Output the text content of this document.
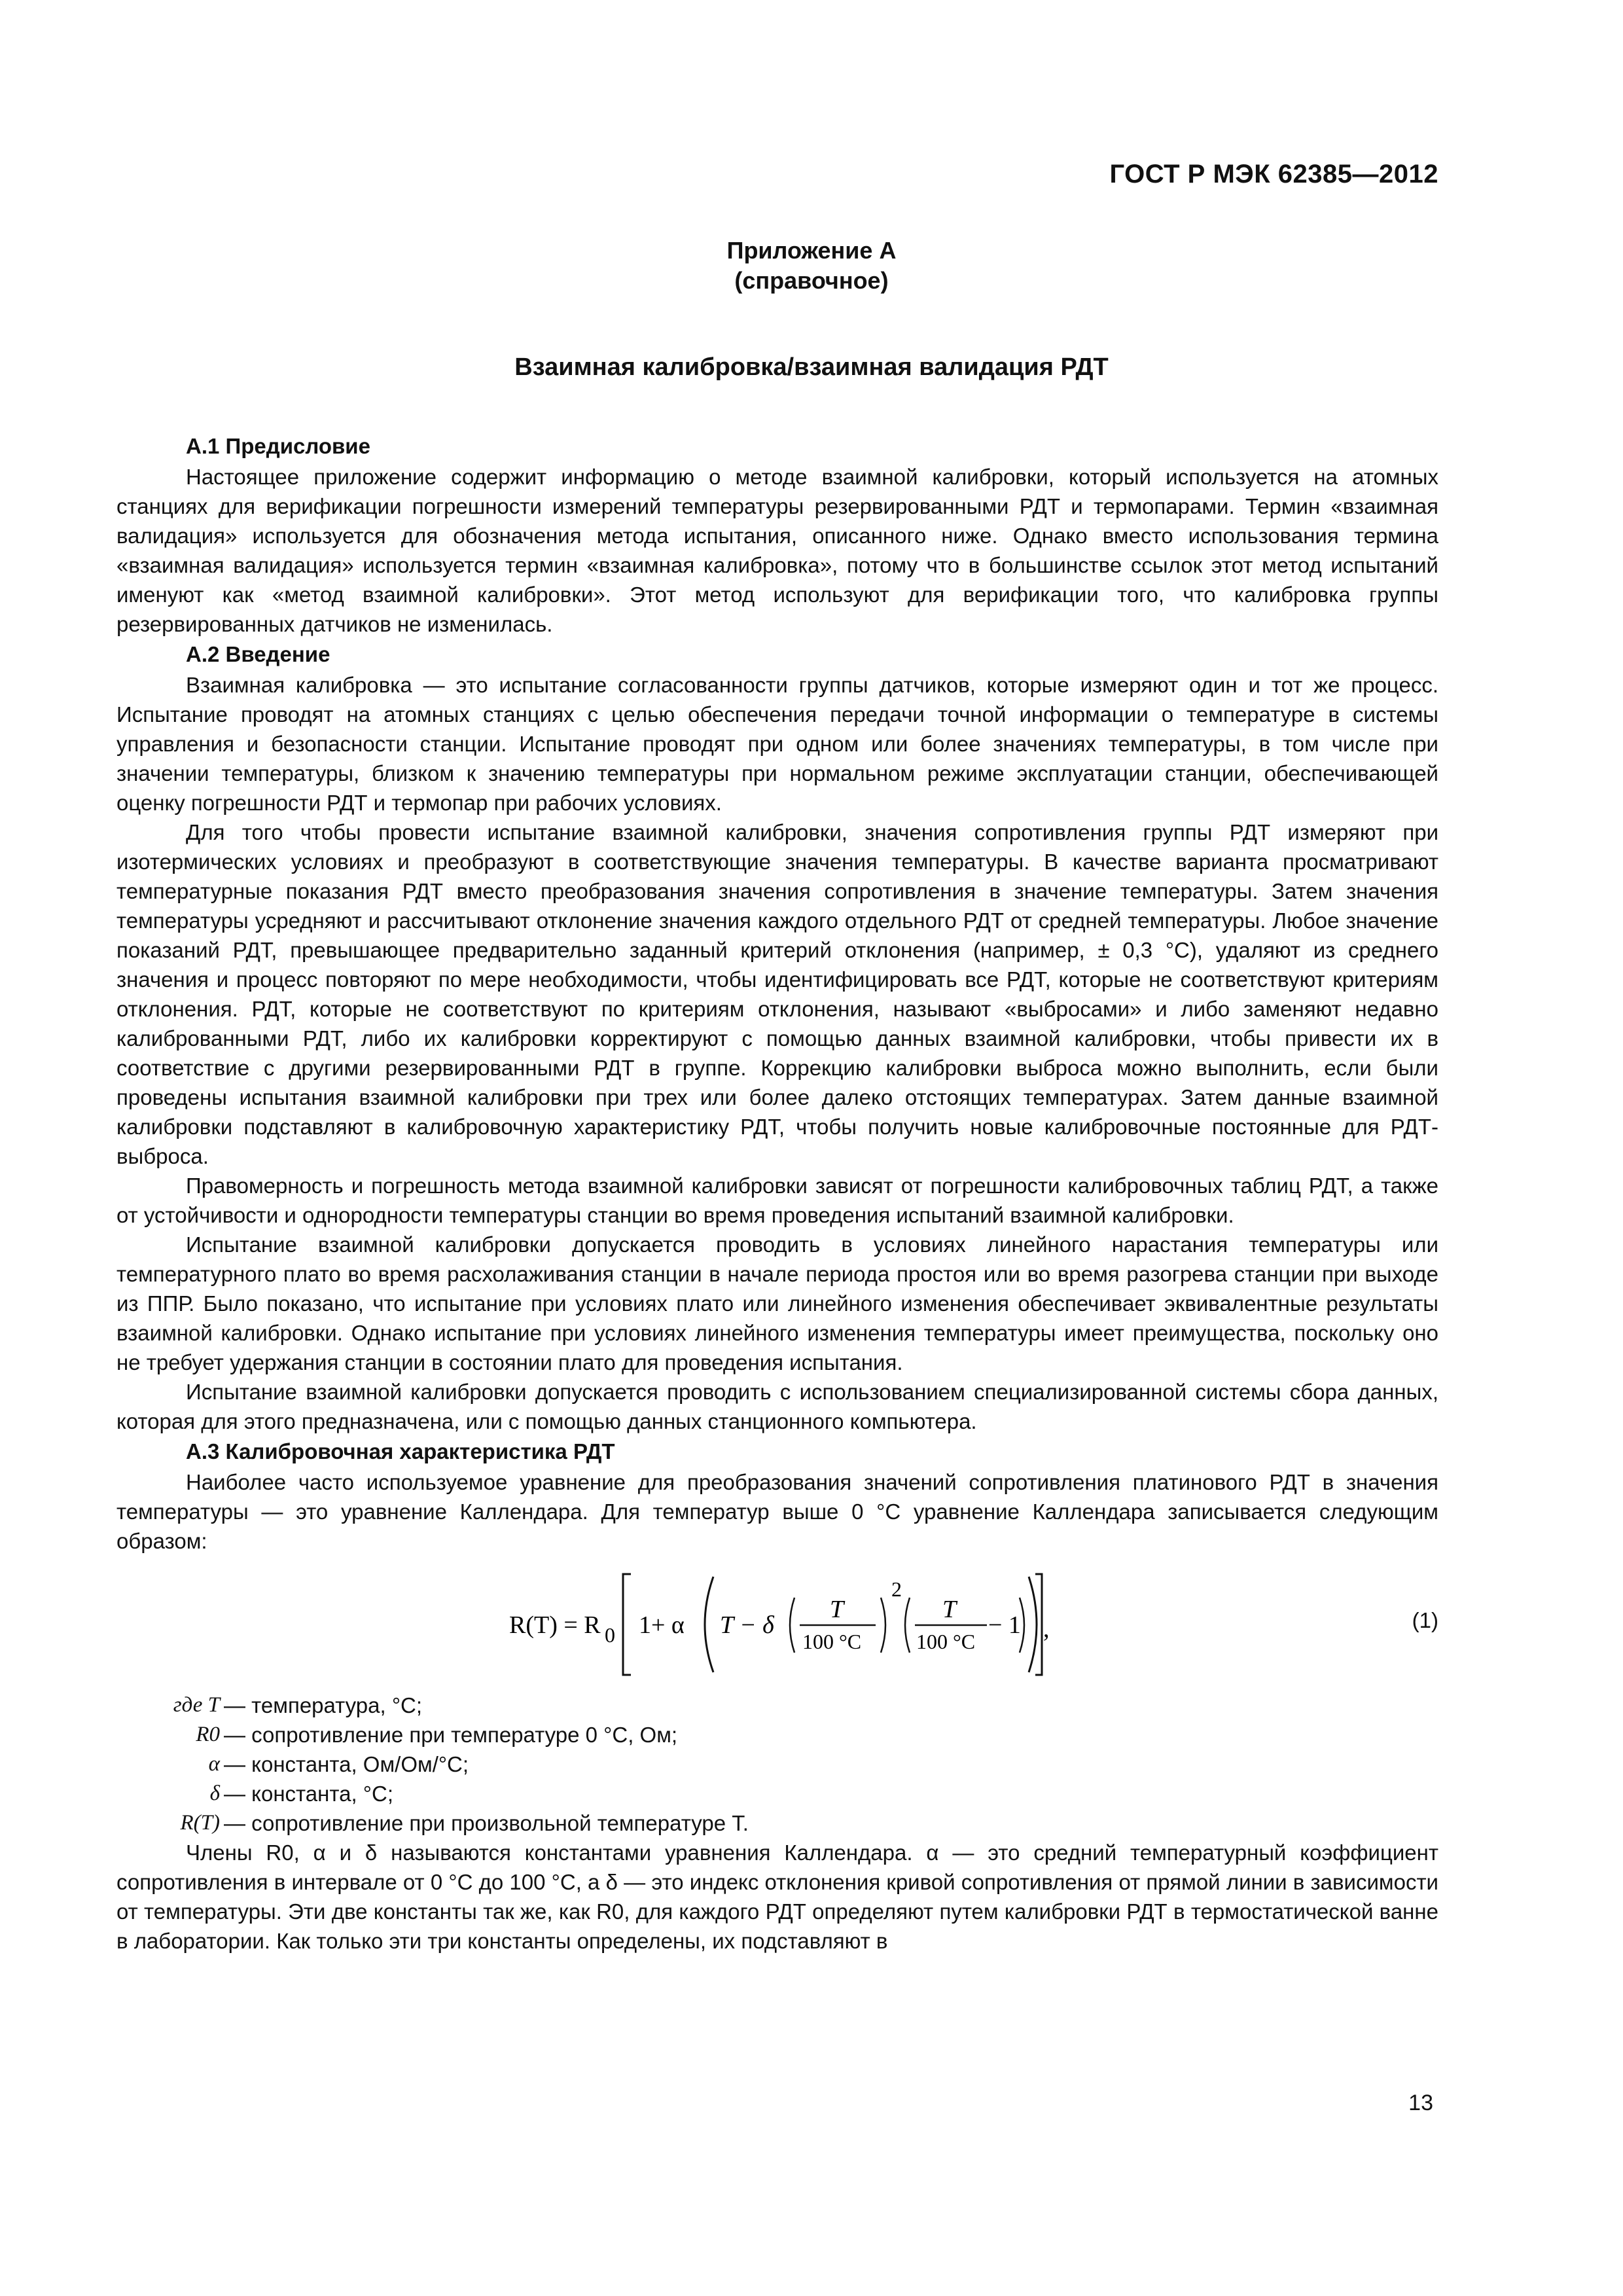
ГОСТ Р МЭК 62385—2012
Приложение А
(справочное)
Взаимная калибровка/взаимная валидация РДТ

А.1 Предисловие

Настоящее приложение содержит информацию о методе взаимной калибровки, который используется на атомных станциях для верификации погрешности измерений температуры резервированными РДТ и термопарами. Термин «взаимная валидация» используется для обозначения метода испытания, описанного ниже. Однако вместо использования термина «взаимная валидация» используется термин «взаимная калибровка», потому что в большинстве ссылок этот метод испытаний именуют как «метод взаимной калибровки». Этот метод используют для верификации того, что калибровка группы резервированных датчиков не изменилась.

А.2 Введение

Взаимная калибровка — это испытание согласованности группы датчиков, которые измеряют один и тот же процесс. Испытание проводят на атомных станциях с целью обеспечения передачи точной информации о температуре в системы управления и безопасности станции. Испытание проводят при одном или более значениях температуры, в том числе при значении температуры, близком к значению температуры при нормальном режиме эксплуатации станции, обеспечивающей оценку погрешности РДТ и термопар при рабочих условиях.

Для того чтобы провести испытание взаимной калибровки, значения сопротивления группы РДТ измеряют при изотермических условиях и преобразуют в соответствующие значения температуры. В качестве варианта просматривают температурные показания РДТ вместо преобразования значения сопротивления в значение температуры. Затем значения температуры усредняют и рассчитывают отклонение значения каждого отдельного РДТ от средней температуры. Любое значение показаний РДТ, превышающее предварительно заданный критерий отклонения (например, ± 0,3 °С), удаляют из среднего значения и процесс повторяют по мере необходимости, чтобы идентифицировать все РДТ, которые не соответствуют критериям отклонения. РДТ, которые не соответствуют по критериям отклонения, называют «выбросами» и либо заменяют недавно калиброванными РДТ, либо их калибровки корректируют с помощью данных взаимной калибровки, чтобы привести их в соответствие с другими резервированными РДТ в группе. Коррекцию калибровки выброса можно выполнить, если были проведены испытания взаимной калибровки при трех или более далеко отстоящих температурах. Затем данные взаимной калибровки подставляют в калибровочную характеристику РДТ, чтобы получить новые калибровочные постоянные для РДТ-выброса.

Правомерность и погрешность метода взаимной калибровки зависят от погрешности калибровочных таблиц РДТ, а также от устойчивости и однородности температуры станции во время проведения испытаний взаимной калибровки.

Испытание взаимной калибровки допускается проводить в условиях линейного нарастания температуры или температурного плато во время расхолаживания станции в начале периода простоя или во время разогрева станции при выходе из ППР. Было показано, что испытание при условиях плато или линейного изменения обеспечивает эквивалентные результаты взаимной калибровки. Однако испытание при условиях линейного изменения температуры имеет преимущества, поскольку оно не требует удержания станции в состоянии плато для проведения испытания.

Испытание взаимной калибровки допускается проводить с использованием специализированной системы сбора данных, которая для этого предназначена, или с помощью данных станционного компьютера.

А.3 Калибровочная характеристика РДТ

Наиболее часто используемое уравнение для преобразования значений сопротивления платинового РДТ в значения температуры — это уравнение Каллендара. Для температур выше 0 °С уравнение Каллендара записывается следующим образом:

R(T) = R 0 1+ α T − δ
T
100 °C
2
T
100 °C
− 1 ,	(1)
где T — температура, °С;
R0 — сопротивление при температуре 0 °С, Ом;
α — константа, Ом/Ом/°С;
δ — константа, °С;
R(T) — сопротивление при произвольной температуре T.

Члены R0, α и δ называются константами уравнения Каллендара. α — это средний температурный коэффициент сопротивления в интервале от 0 °С до 100 °С, а δ — это индекс отклонения кривой сопротивления от прямой линии в зависимости от температуры. Эти две константы так же, как R0, для каждого РДТ определяют путем калибровки РДТ в термостатической ванне в лаборатории. Как только эти три константы определены, их подставляют в

13
